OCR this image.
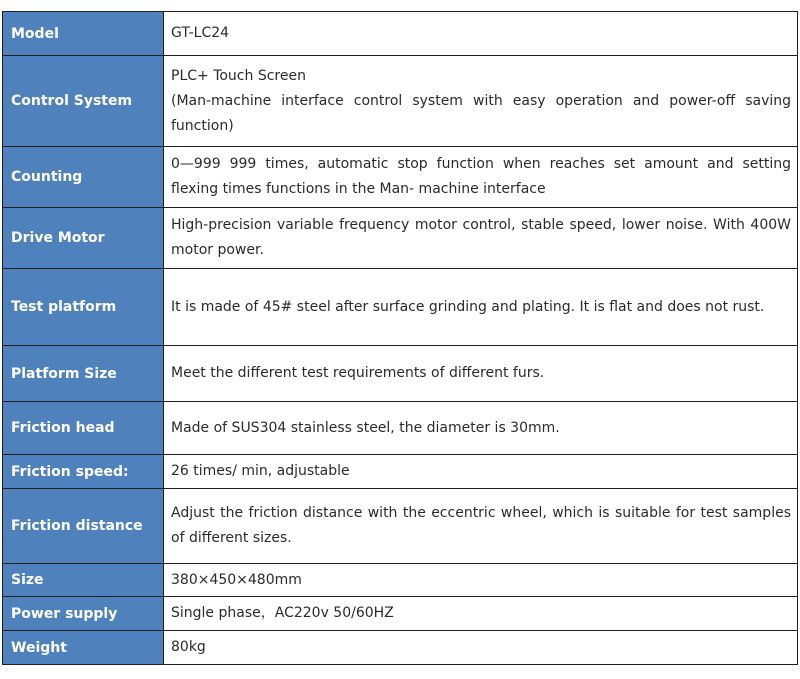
Model	GT-LC24

Control System	PLC+ Touch Screen
(Man-machine interface control system with easy operation and power-off saving function)

Counting	0—999 999 times, automatic stop function when reaches set amount and setting flexing times functions in the Man- machine interface

Drive Motor	High-precision variable frequency motor control, stable speed, lower noise. With 400W motor power.

Test platform	It is made of 45# steel after surface grinding and plating. It is flat and does not rust.

Platform Size	Meet the different test requirements of different furs.

Friction head	Made of SUS304 stainless steel, the diameter is 30mm.

Friction speed:	26 times/ min, adjustable

Friction distance	Adjust the friction distance with the eccentric wheel, which is suitable for test samples of different sizes.

Size	380×450×480mm

Power supply	Single phase，AC220v 50/60HZ

Weight	80kg
